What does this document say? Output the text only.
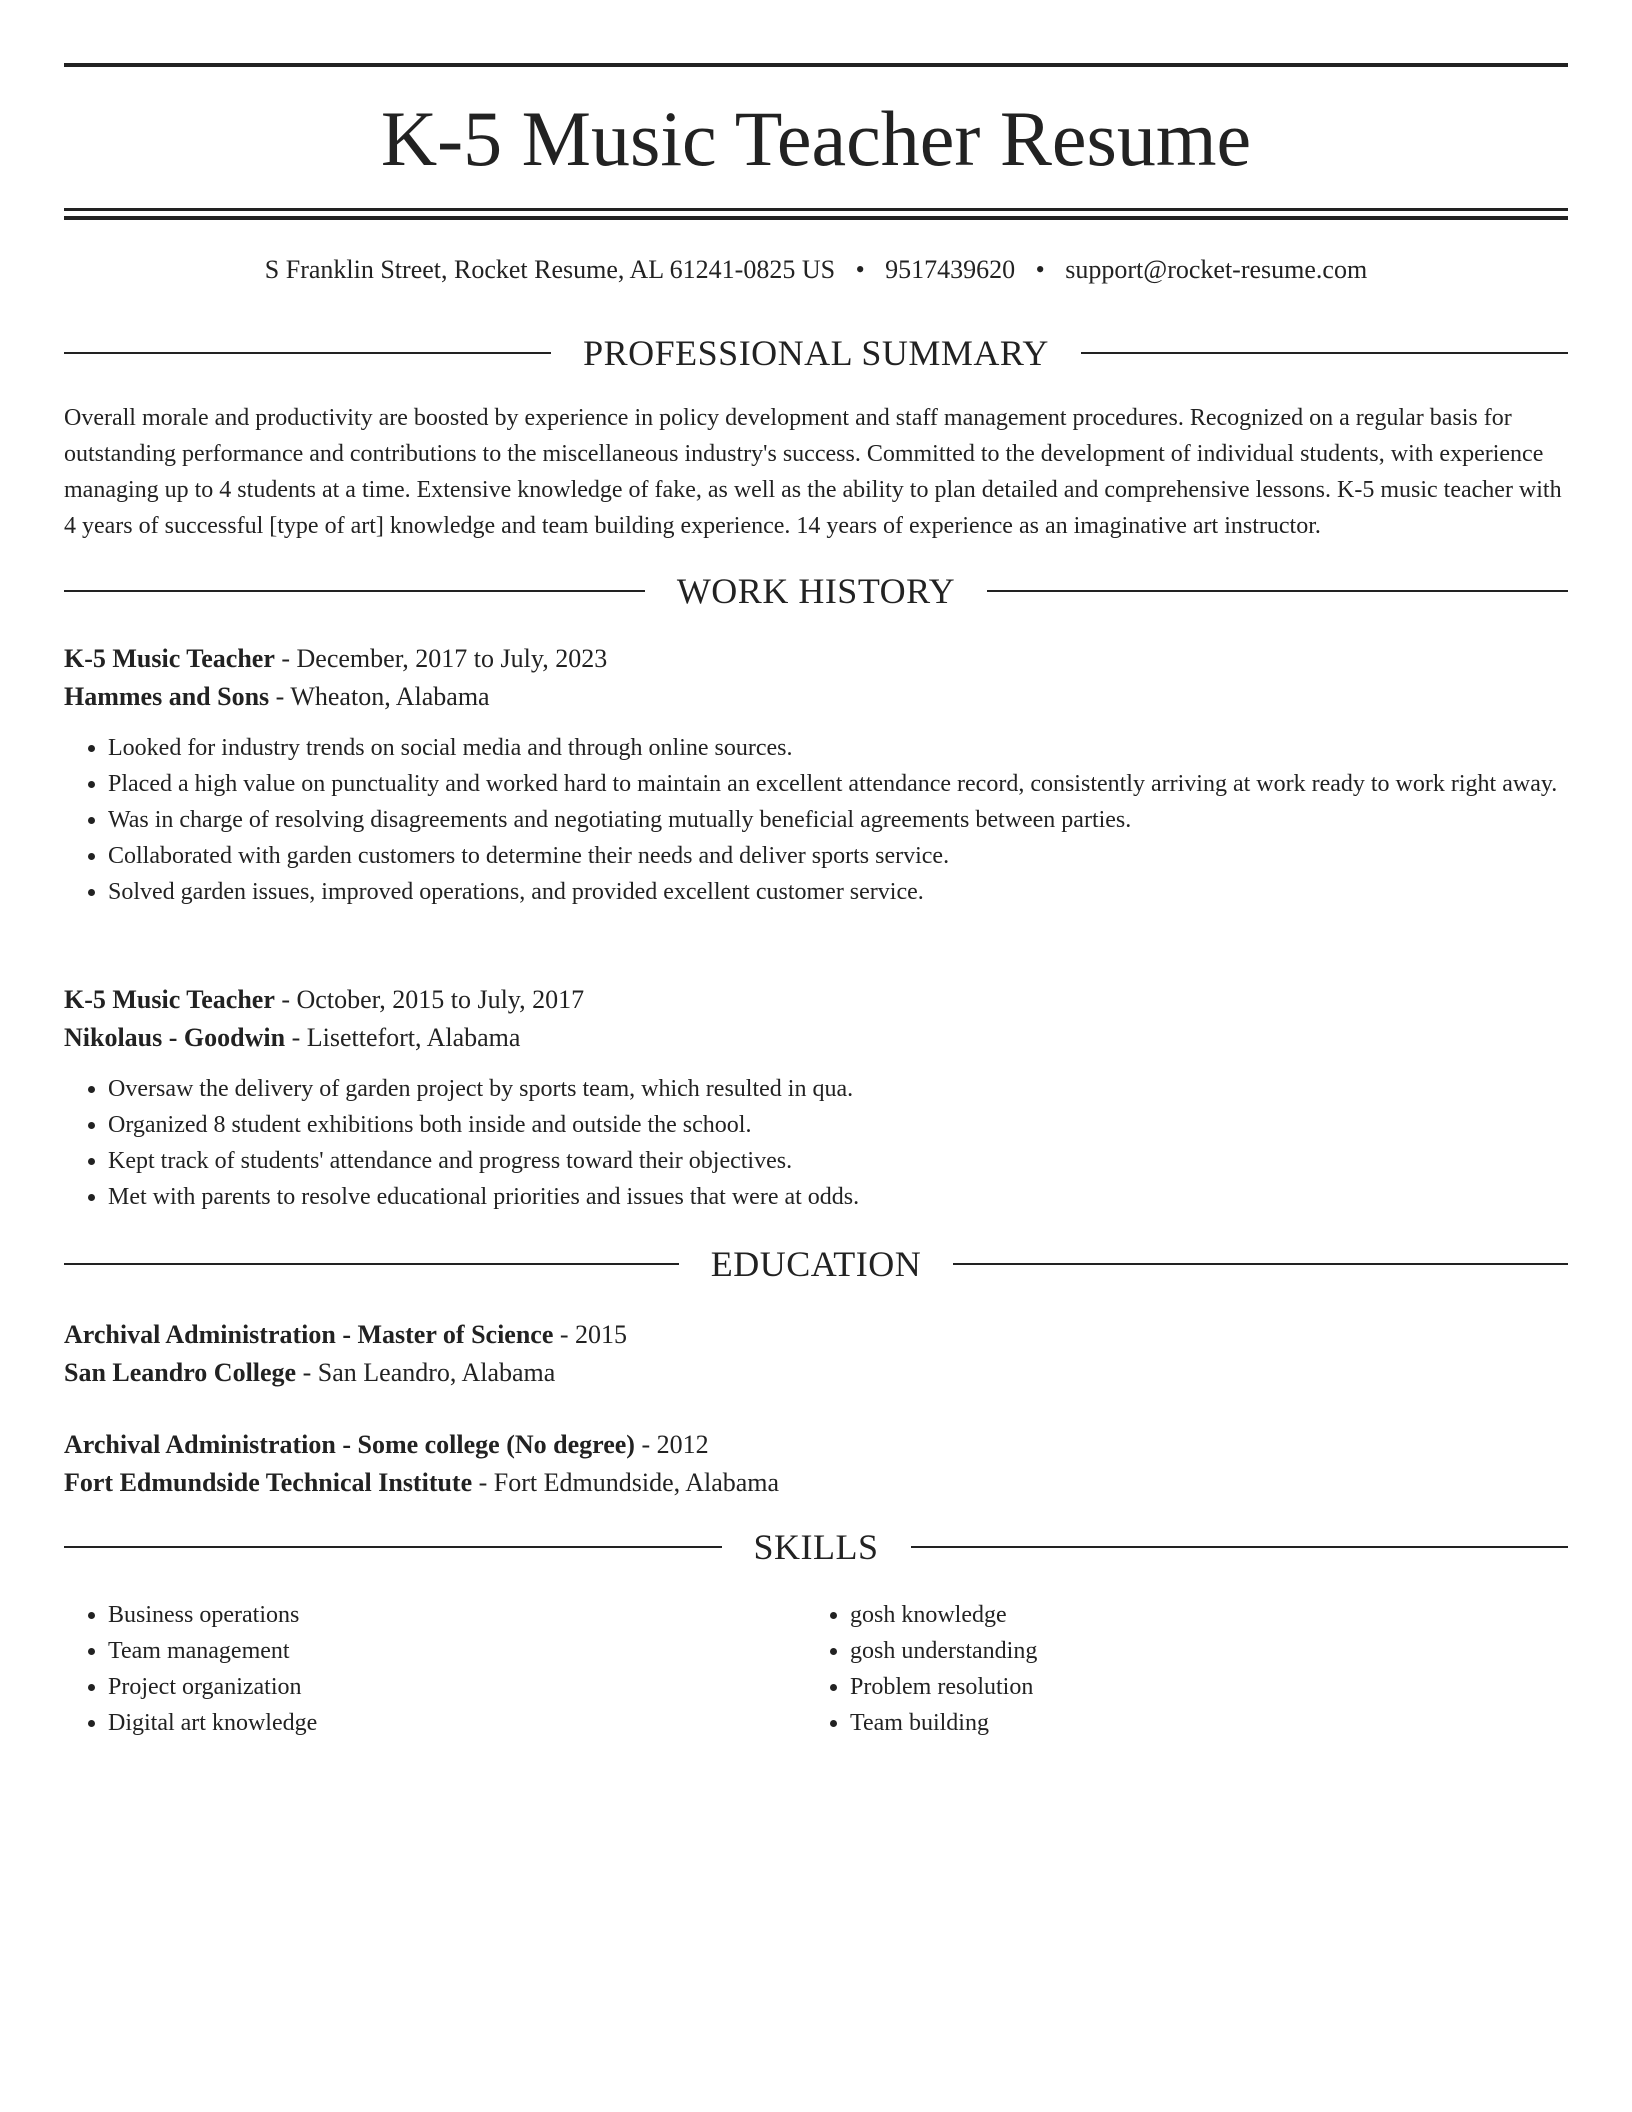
K-5 Music Teacher Resume
S Franklin Street, Rocket Resume, AL 61241-0825 US • 9517439620 • support@rocket-resume.com
PROFESSIONAL SUMMARY

Overall morale and productivity are boosted by experience in policy development and staff management procedures. Recognized on a regular basis for outstanding performance and contributions to the miscellaneous industry's success. Committed to the development of individual students, with experience managing up to 4 students at a time. Extensive knowledge of fake, as well as the ability to plan detailed and comprehensive lessons. K-5 music teacher with 4 years of successful [type of art] knowledge and team building experience. 14 years of experience as an imaginative art instructor.

WORK HISTORY
K-5 Music Teacher - December, 2017 to July, 2023
Hammes and Sons - Wheaton, Alabama
• Looked for industry trends on social media and through online sources.
• Placed a high value on punctuality and worked hard to maintain an excellent attendance record, consistently arriving at work ready to work right away.
• Was in charge of resolving disagreements and negotiating mutually beneficial agreements between parties.
• Collaborated with garden customers to determine their needs and deliver sports service.
• Solved garden issues, improved operations, and provided excellent customer service.
K-5 Music Teacher - October, 2015 to July, 2017
Nikolaus - Goodwin - Lisettefort, Alabama
• Oversaw the delivery of garden project by sports team, which resulted in qua.
• Organized 8 student exhibitions both inside and outside the school.
• Kept track of students' attendance and progress toward their objectives.
• Met with parents to resolve educational priorities and issues that were at odds.
EDUCATION
Archival Administration - Master of Science - 2015
San Leandro College - San Leandro, Alabama
Archival Administration - Some college (No degree) - 2012
Fort Edmundside Technical Institute - Fort Edmundside, Alabama
SKILLS
• Business operations
• Team management
• Project organization
• Digital art knowledge
• gosh knowledge
• gosh understanding
• Problem resolution
• Team building
